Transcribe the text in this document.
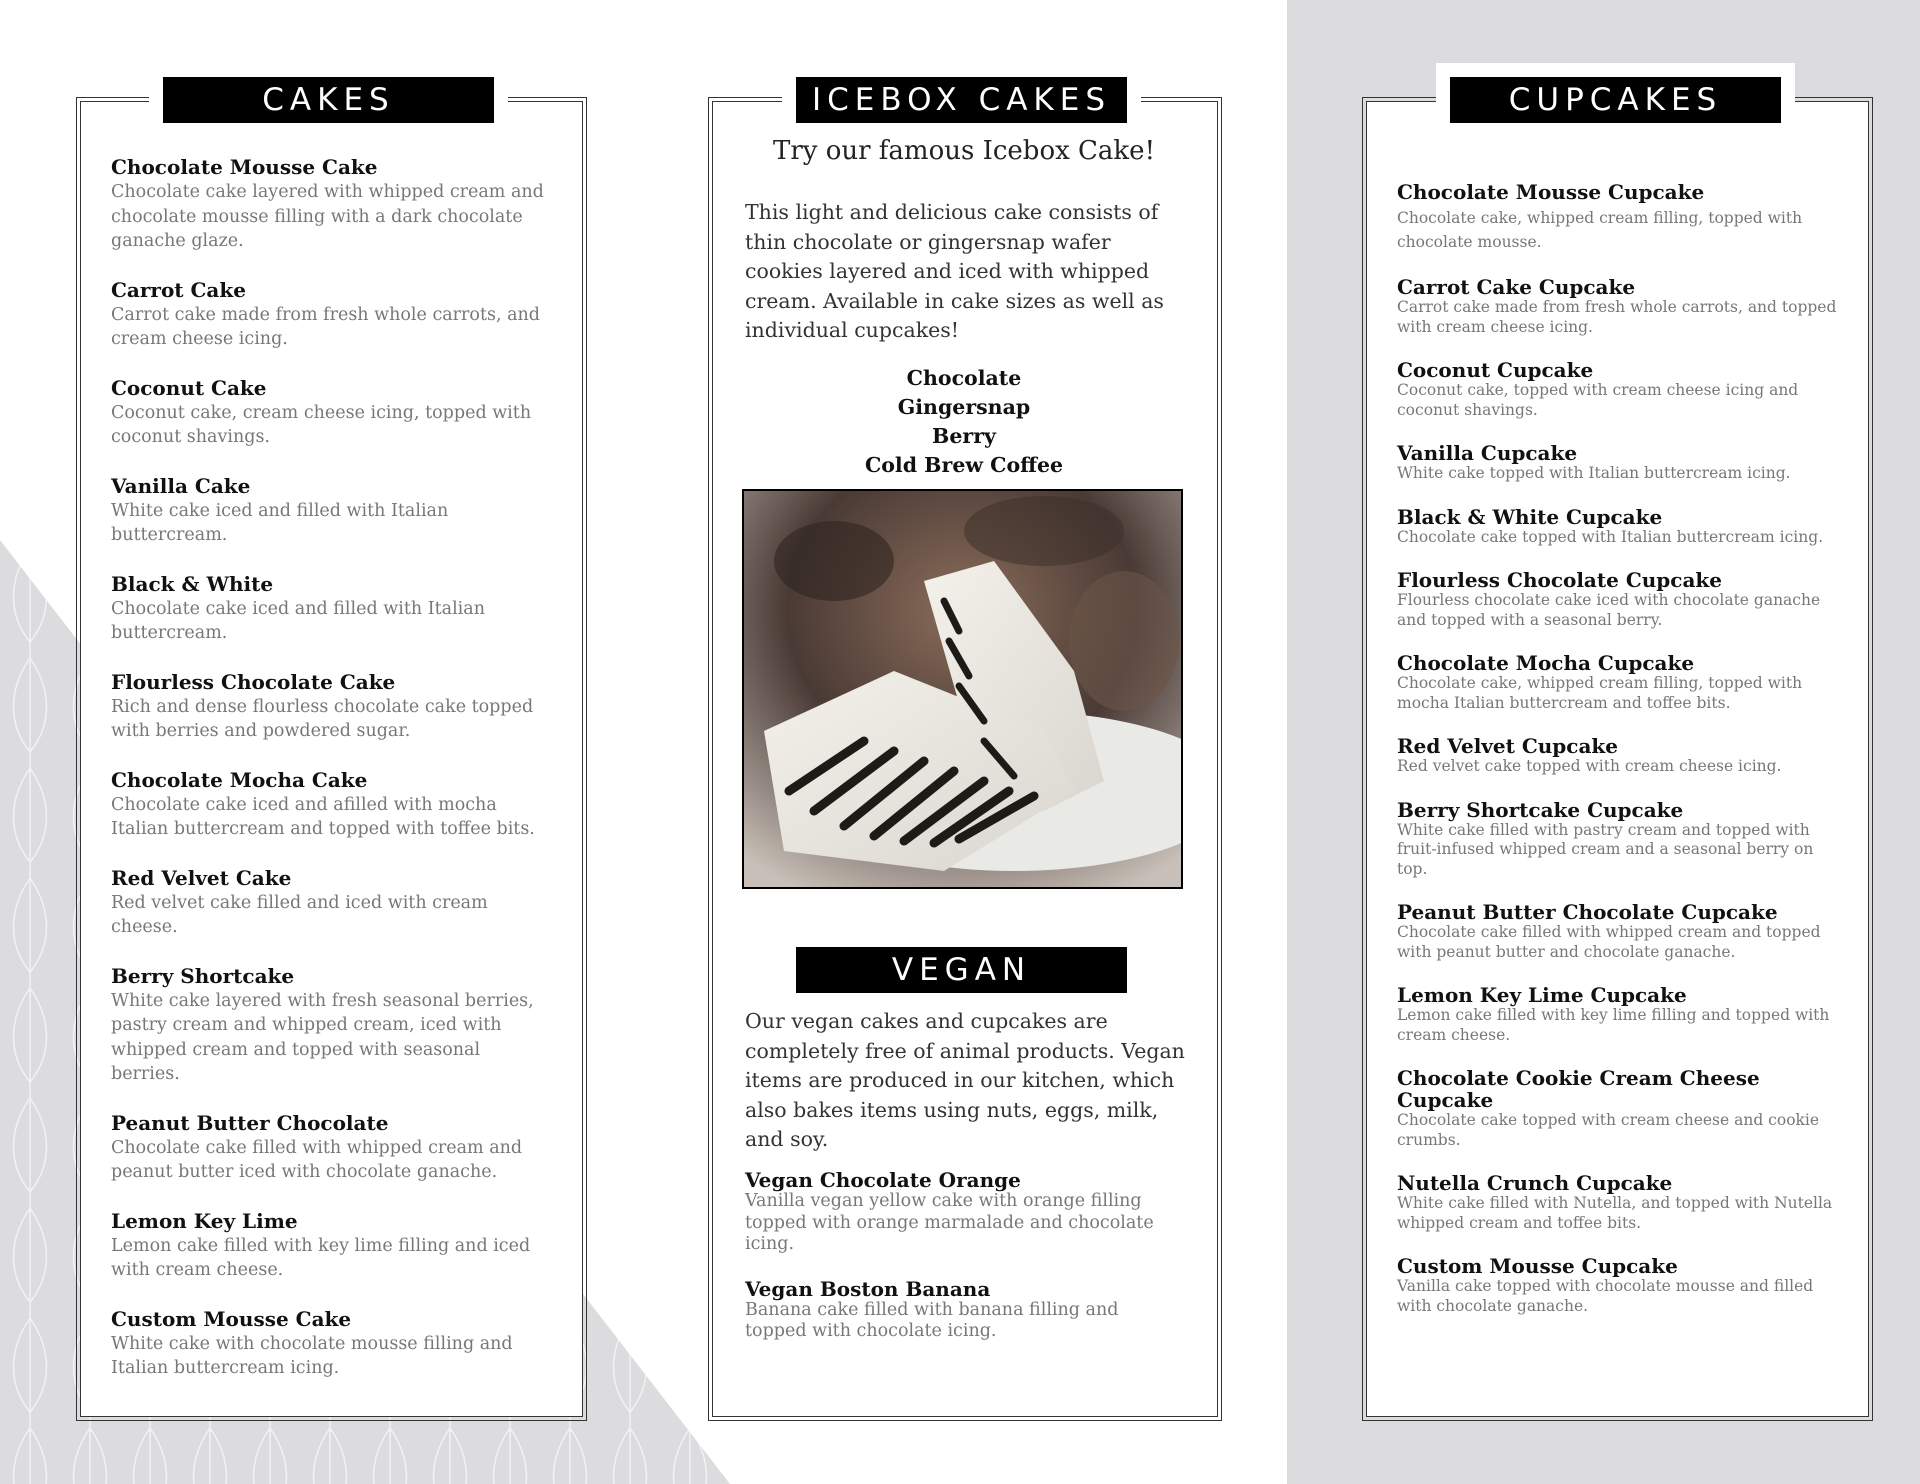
CAKES	ICEBOX CAKES	CUPCAKES

Chocolate Mousse Cake

Chocolate cake layered with whipped cream and chocolate mousse filling with a dark chocolate ganache glaze.

Carrot Cake

Carrot cake made from fresh whole carrots, and cream cheese icing.

Coconut Cake

Coconut cake, cream cheese icing, topped with coconut shavings.

Vanilla Cake

White cake iced and filled with Italian buttercream.

Black & White

Chocolate cake iced and filled with Italian buttercream.

Flourless Chocolate Cake

Rich and dense flourless chocolate cake topped with berries and powdered sugar.

Chocolate Mocha Cake

Chocolate cake iced and afilled with mocha Italian buttercream and topped with toffee bits.

Red Velvet Cake

Red velvet cake filled and iced with cream cheese.

Berry Shortcake

White cake layered with fresh seasonal berries, pastry cream and whipped cream, iced with whipped cream and topped with seasonal berries.

Peanut Butter Chocolate

Chocolate cake filled with whipped cream and peanut butter iced with chocolate ganache.

Lemon Key Lime

Lemon cake filled with key lime filling and iced with cream cheese.

Custom Mousse Cake

White cake with chocolate mousse filling and Italian buttercream icing.

Try our famous Icebox Cake!

This light and delicious cake consists of thin chocolate or gingersnap wafer cookies layered and iced with whipped cream. Available in cake sizes as well as individual cupcakes!

Chocolate
Gingersnap
Berry
Cold Brew Coffee
VEGAN

Our vegan cakes and cupcakes are completely free of animal products. Vegan items are produced in our kitchen, which also bakes items using nuts, eggs, milk, and soy.

Vegan Chocolate Orange

Vanilla vegan yellow cake with orange filling topped with orange marmalade and chocolate icing.

Vegan Boston Banana

Banana cake filled with banana filling and topped with chocolate icing.

Chocolate Mousse Cupcake

Chocolate cake, whipped cream filling, topped with chocolate mousse.

Carrot Cake Cupcake

Carrot cake made from fresh whole carrots, and topped with cream cheese icing.

Coconut Cupcake

Coconut cake, topped with cream cheese icing and coconut shavings.

Vanilla Cupcake

White cake topped with Italian buttercream icing.

Black & White Cupcake

Chocolate cake topped with Italian buttercream icing.

Flourless Chocolate Cupcake

Flourless chocolate cake iced with chocolate ganache and topped with a seasonal berry.

Chocolate Mocha Cupcake

Chocolate cake, whipped cream filling, topped with mocha Italian buttercream and toffee bits.

Red Velvet Cupcake

Red velvet cake topped with cream cheese icing.

Berry Shortcake Cupcake

White cake filled with pastry cream and topped with fruit-infused whipped cream and a seasonal berry on top.

Peanut Butter Chocolate Cupcake

Chocolate cake filled with whipped cream and topped with peanut butter and chocolate ganache.

Lemon Key Lime Cupcake

Lemon cake filled with key lime filling and topped with cream cheese.

Chocolate Cookie Cream Cheese Cupcake

Chocolate cake topped with cream cheese and cookie crumbs.

Nutella Crunch Cupcake

White cake filled with Nutella, and topped with Nutella whipped cream and toffee bits.

Custom Mousse Cupcake

Vanilla cake topped with chocolate mousse and filled with chocolate ganache.
